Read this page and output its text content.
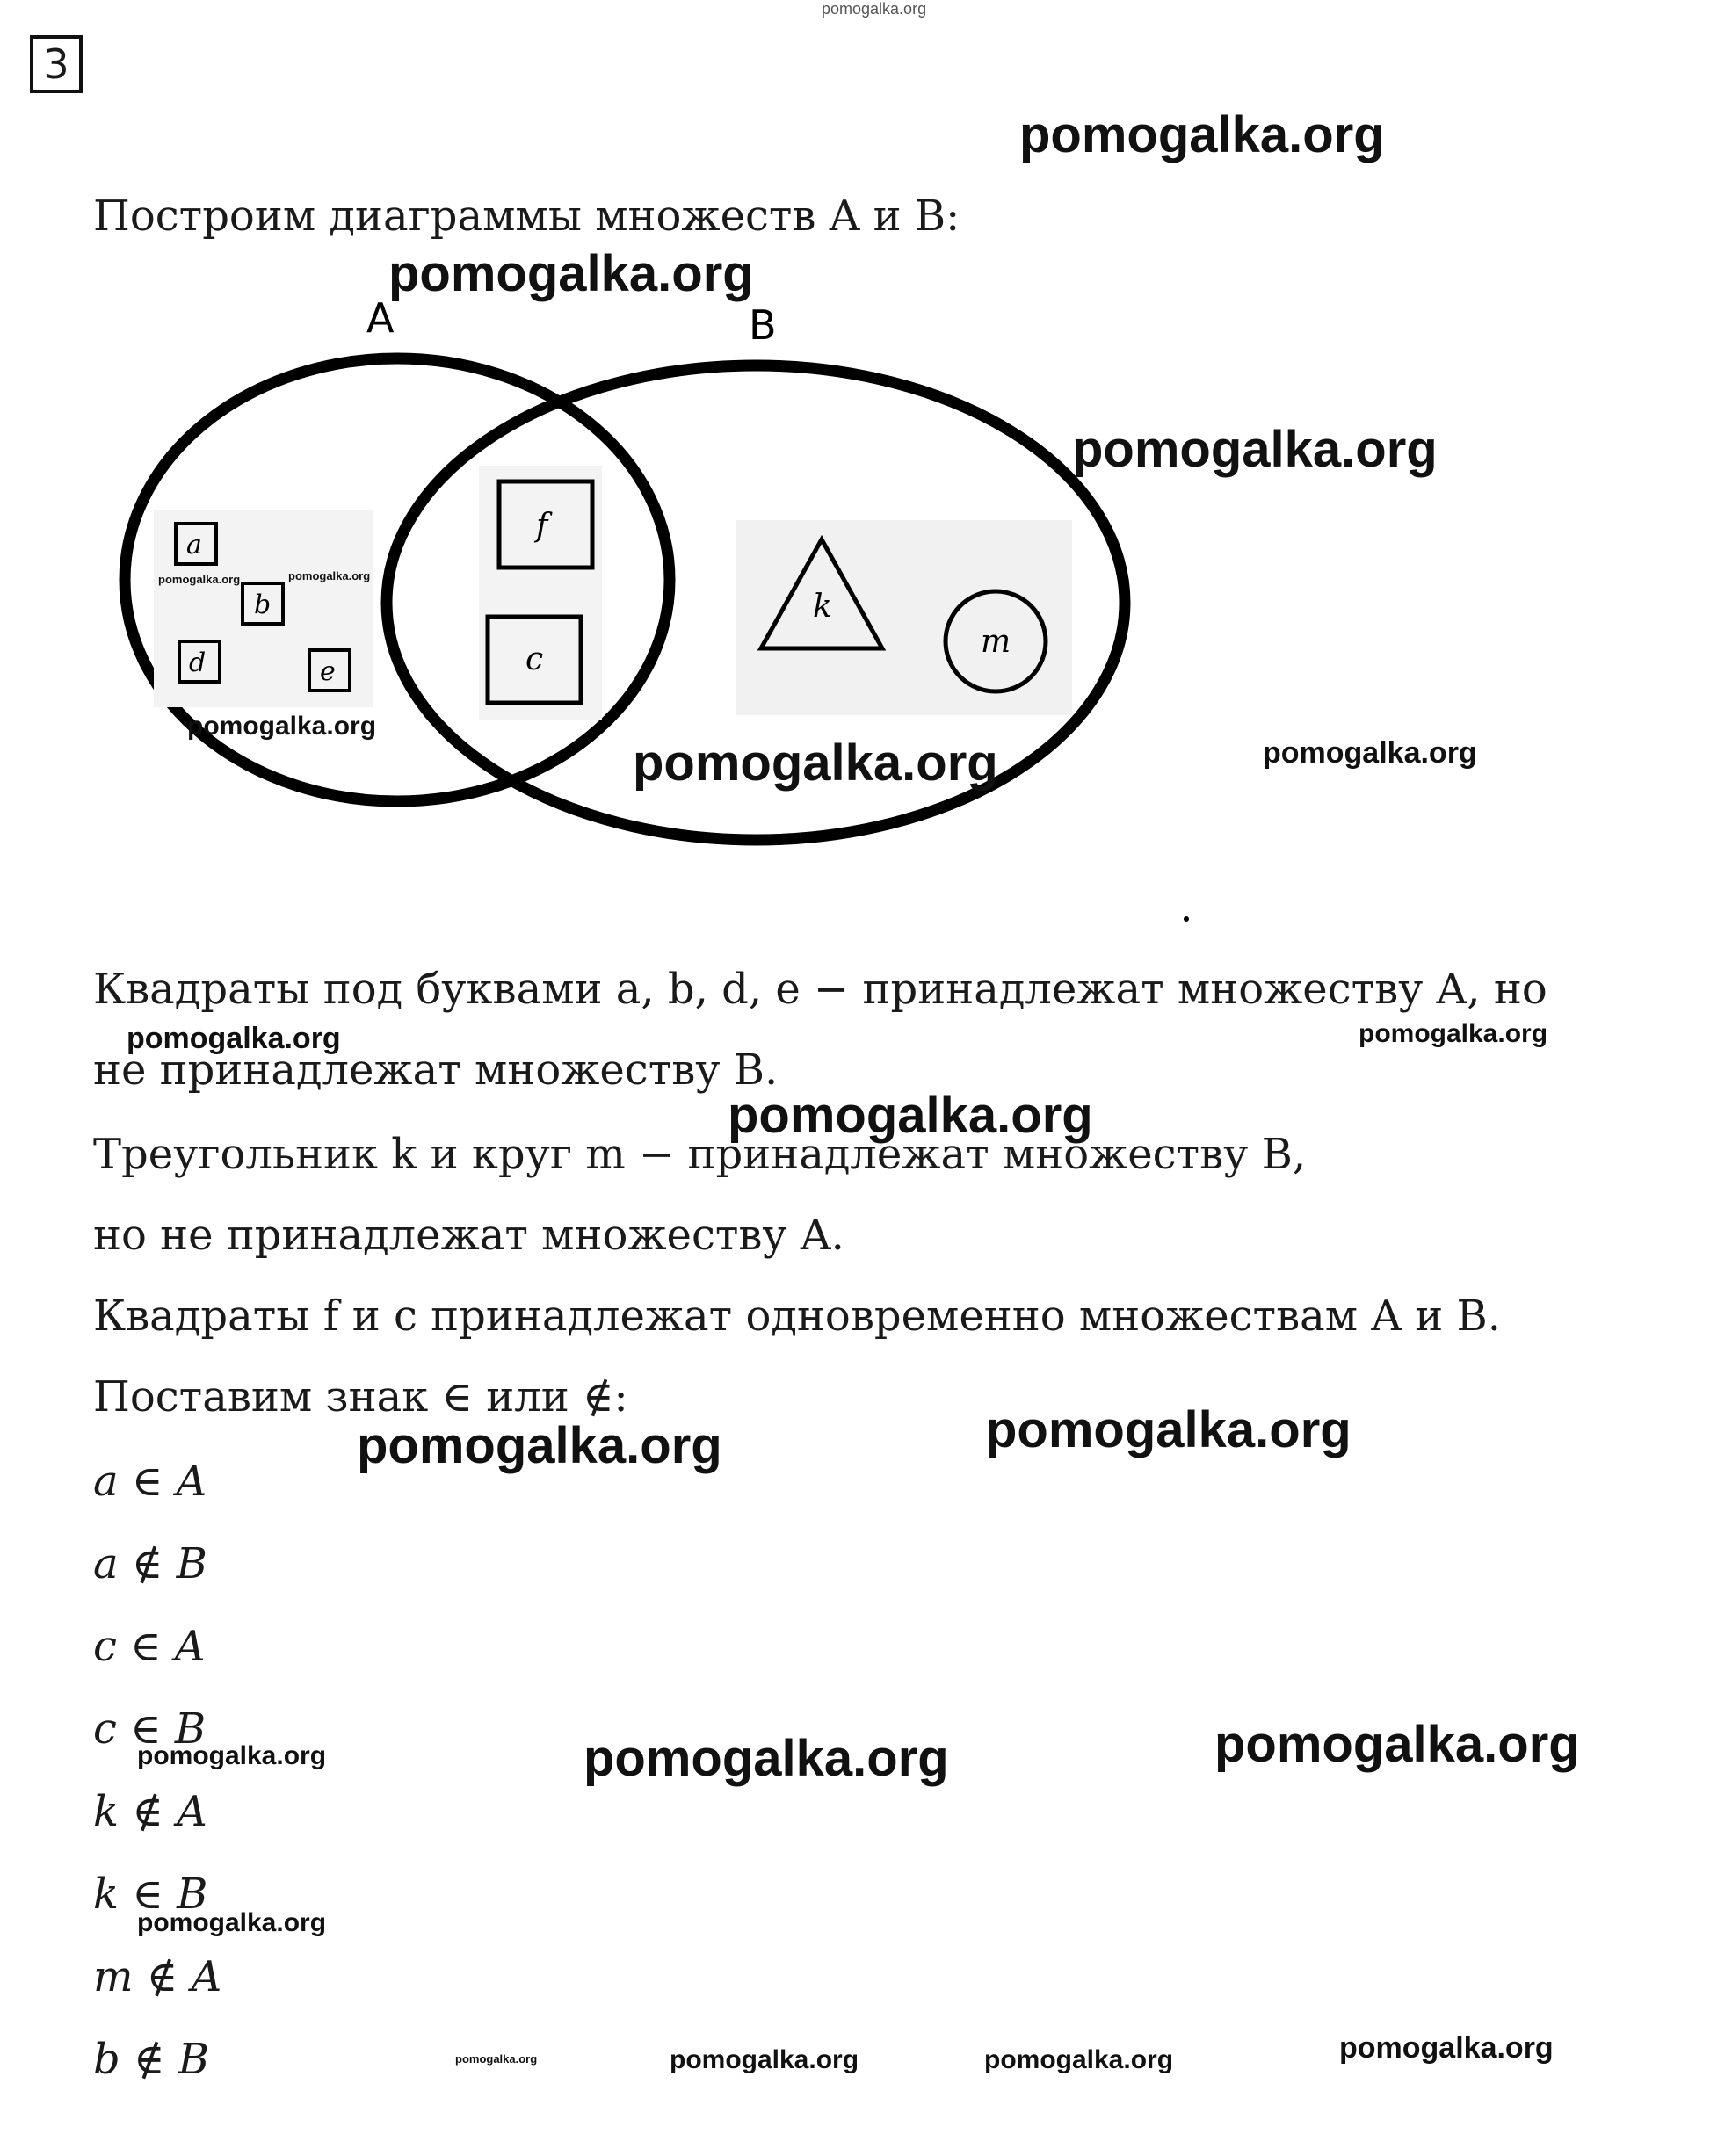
3
Построим диаграммы множеств A и B:
A	B
a
b
d	e
f
c
k
m
Квадраты под буквами a, b, d, e − принадлежат множеству A, но
не принадлежат множеству B.
Треугольник k и круг m − принадлежат множеству B,
но не принадлежат множеству A.
Квадраты f и c принадлежат одновременно множествам A и B.
Поставим знак ∈ или ∉:
a ∈ A
a ∉ B
c ∈ A
c ∈ B
k ∉ A
k ∈ B
m ∉ A
b ∉ B
pomogalka.org
pomogalka.org
pomogalka.org
pomogalka.org
pomogalka.org	pomogalka.org
pomogalka.org
pomogalka.org	pomogalka.org
pomogalka.org	pomogalka.org
pomogalka.org
pomogalka.org
pomogalka.org
pomogalka.org	pomogalka.org	pomogalka.org
pomogalka.org
pomogalka.org	pomogalka.org	pomogalka.org	pomogalka.org
